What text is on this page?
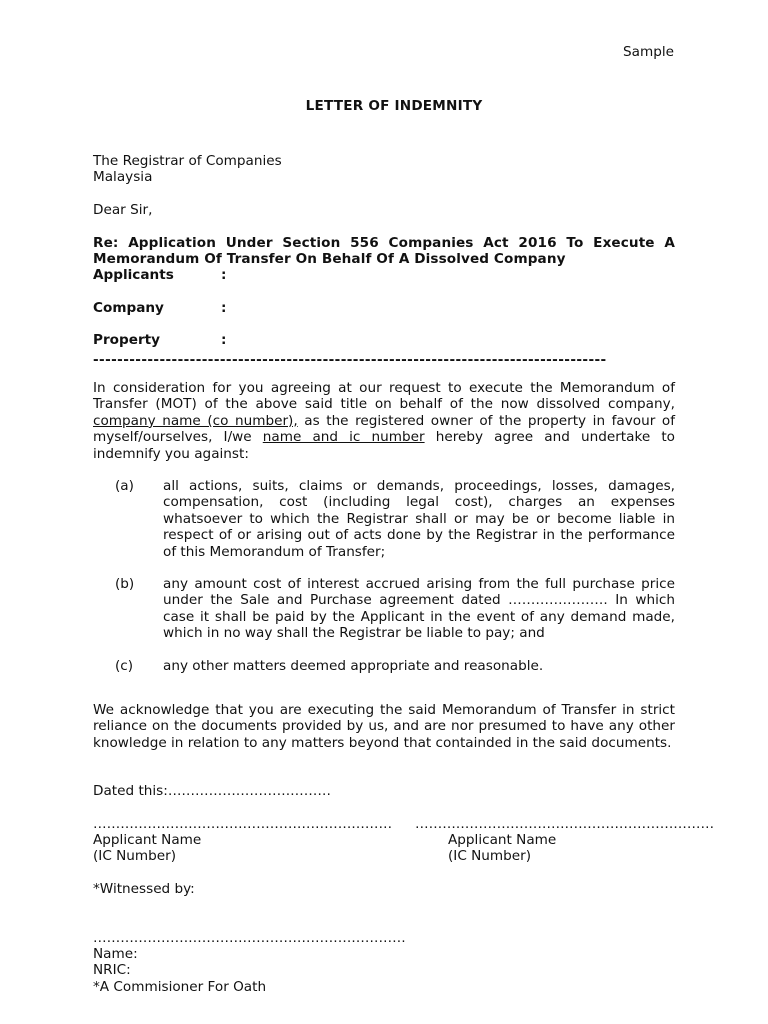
Sample
LETTER OF INDEMNITY
The Registrar of Companies
Malaysia
Dear Sir,
Re: Application Under Section 556 Companies Act 2016 To Execute A Memorandum Of Transfer On Behalf Of A Dissolved Company
Applicants	:
Company	:
Property	:
-------------------------------------------------------------------------------------
In consideration for you agreeing at our request to execute the Memorandum of Transfer (MOT) of the above said title on behalf of the now dissolved company, company name (co number), as the registered owner of the property in favour of myself/ourselves, I/we name and ic number hereby agree and undertake to indemnify you against:
(a) all actions, suits, claims or demands, proceedings, losses, damages, compensation, cost (including legal cost), charges an expenses whatsoever to which the Registrar shall or may be or become liable in respect of or arising out of acts done by the Registrar in the performance of this Memorandum of Transfer;
(b) any amount cost of interest accrued arising from the full purchase price under the Sale and Purchase agreement dated …………………. In which case it shall be paid by the Applicant in the event of any demand made, which in no way shall the Registrar be liable to pay; and
(c) any other matters deemed appropriate and reasonable.
We acknowledge that you are executing the said Memorandum of Transfer in strict reliance on the documents provided by us, and are nor presumed to have any other knowledge in relation to any matters beyond that containded in the said documents.
Dated this:………………………………
…………………………………………………………
Applicant Name
(IC Number)
…………………………………………………………
Applicant Name
(IC Number)
*Witnessed by:
……………………………………………………………
Name:
NRIC:
*A Commisioner For Oath
